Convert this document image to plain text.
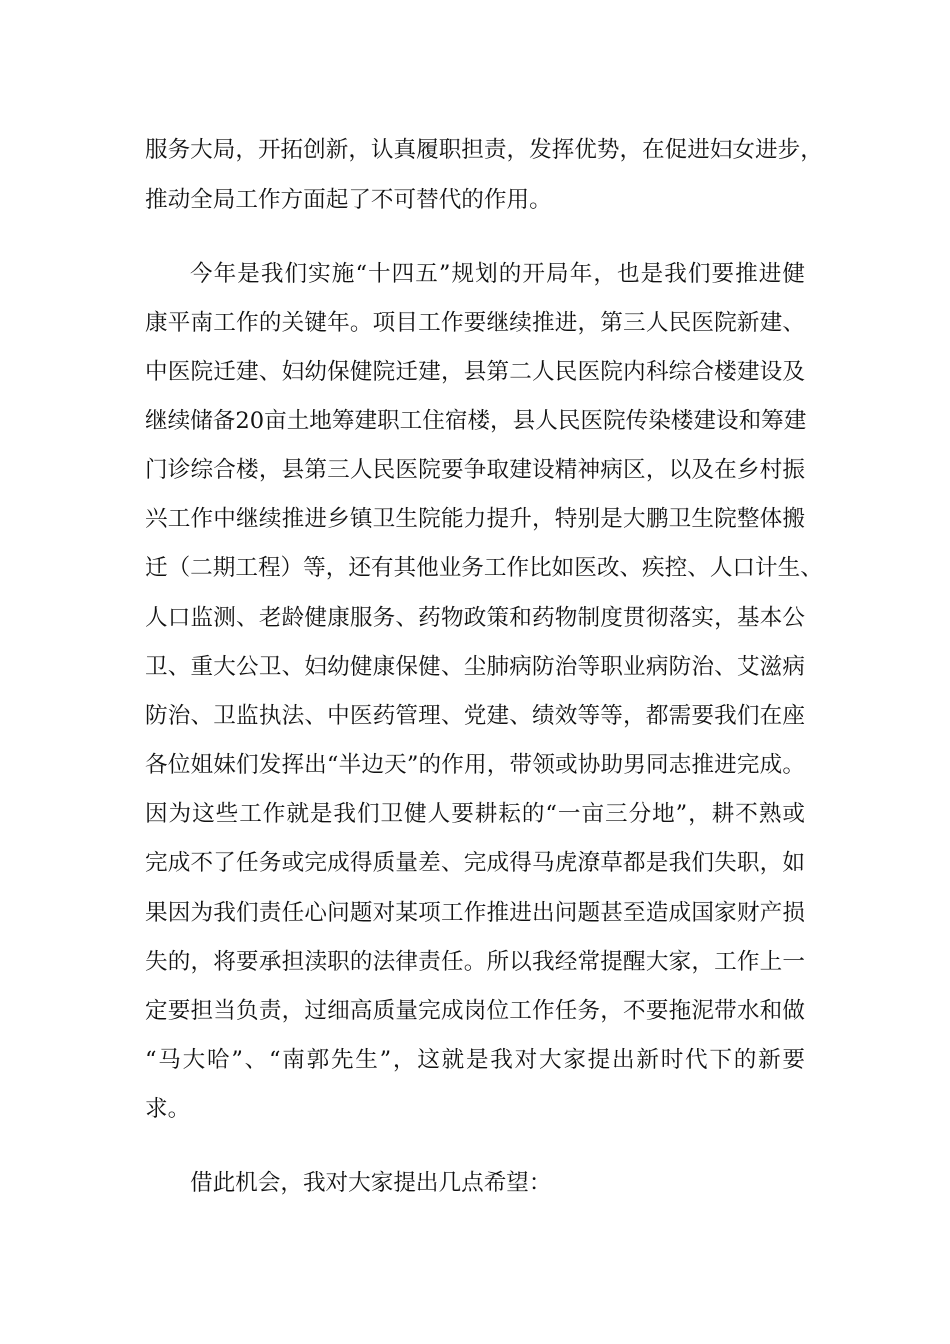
服务大局，开拓创新，认真履职担责，发挥优势，在促进妇女进步，
推动全局工作方面起了不可替代的作用。
今年是我们实施“十四五”规划的开局年，也是我们要推进健
康平南工作的关键年。项目工作要继续推进，第三人民医院新建、
中医院迁建、妇幼保健院迁建，县第二人民医院内科综合楼建设及
继续储备20亩土地筹建职工住宿楼，县人民医院传染楼建设和筹建
门诊综合楼，县第三人民医院要争取建设精神病区，以及在乡村振
兴工作中继续推进乡镇卫生院能力提升，特别是大鹏卫生院整体搬
迁（二期工程）等，还有其他业务工作比如医改、疾控、人口计生、
人口监测、老龄健康服务、药物政策和药物制度贯彻落实，基本公
卫、重大公卫、妇幼健康保健、尘肺病防治等职业病防治、艾滋病
防治、卫监执法、中医药管理、党建、绩效等等，都需要我们在座
各位姐妹们发挥出“半边天”的作用，带领或协助男同志推进完成。
因为这些工作就是我们卫健人要耕耘的“一亩三分地”，耕不熟或
完成不了任务或完成得质量差、完成得马虎潦草都是我们失职，如
果因为我们责任心问题对某项工作推进出问题甚至造成国家财产损
失的，将要承担渎职的法律责任。所以我经常提醒大家，工作上一
定要担当负责，过细高质量完成岗位工作任务，不要拖泥带水和做
“马大哈”、“南郭先生”，这就是我对大家提出新时代下的新要
求。
借此机会，我对大家提出几点希望：
